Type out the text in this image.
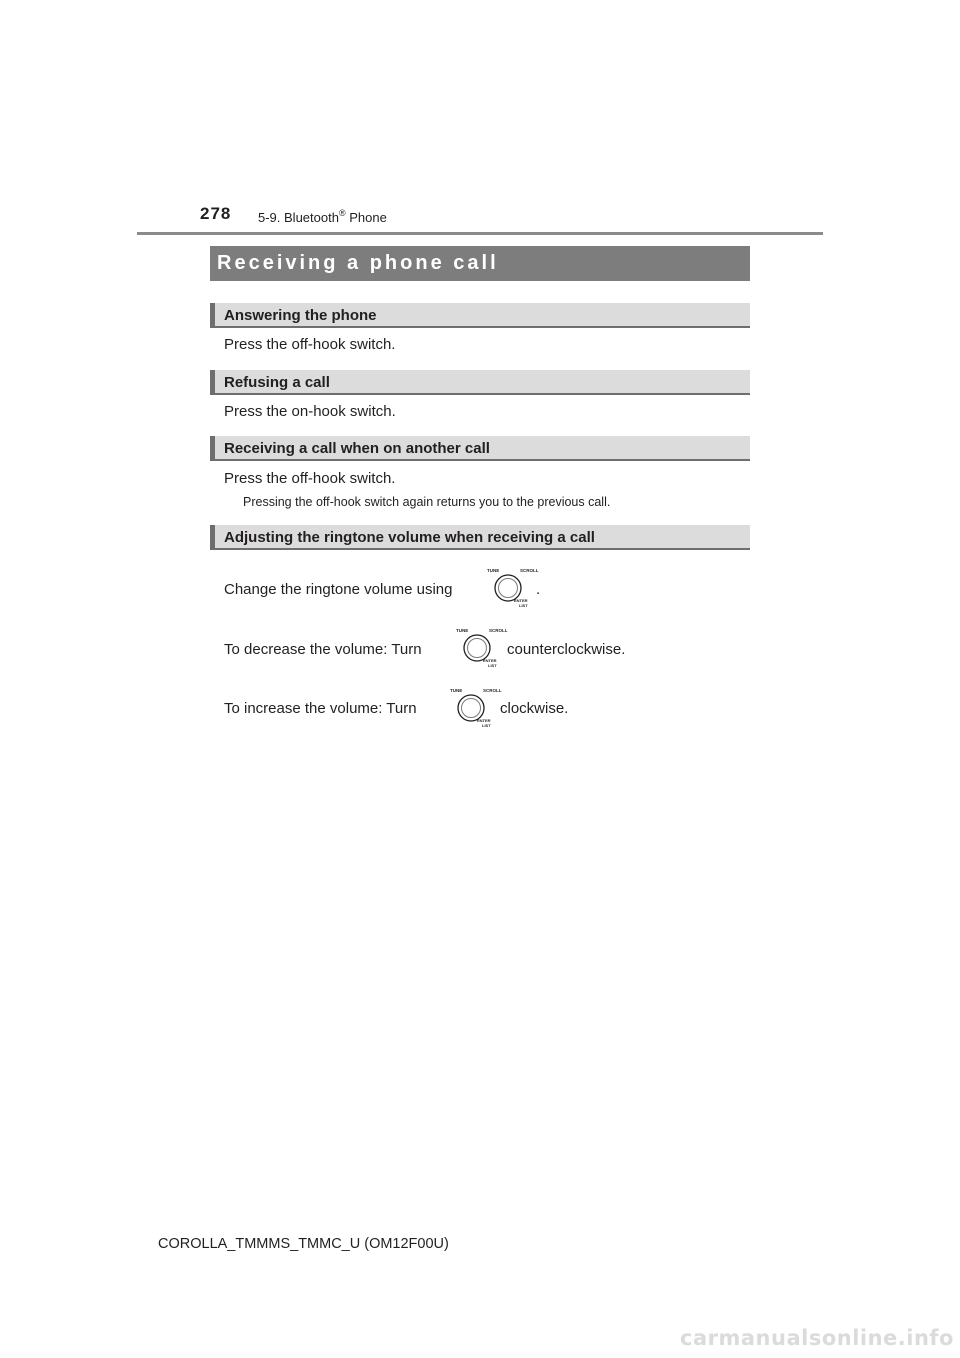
278 5-9. Bluetooth® Phone
Receiving a phone call
Answering the phone
Press the off-hook switch.
Refusing a call
Press the on-hook switch.
Receiving a call when on another call
Press the off-hook switch.
Pressing the off-hook switch again returns you to the previous call.
Adjusting the ringtone volume when receiving a call
Change the ringtone volume using	.
To decrease the volume: Turn	counterclockwise.
To increase the volume: Turn	clockwise.
TUNE	SCROLL
ENTER
LIST
TUNE	SCROLL
ENTER
LIST
TUNE	SCROLL
ENTER
LIST
COROLLA_TMMMS_TMMC_U (OM12F00U)
carmanualsonline.info
